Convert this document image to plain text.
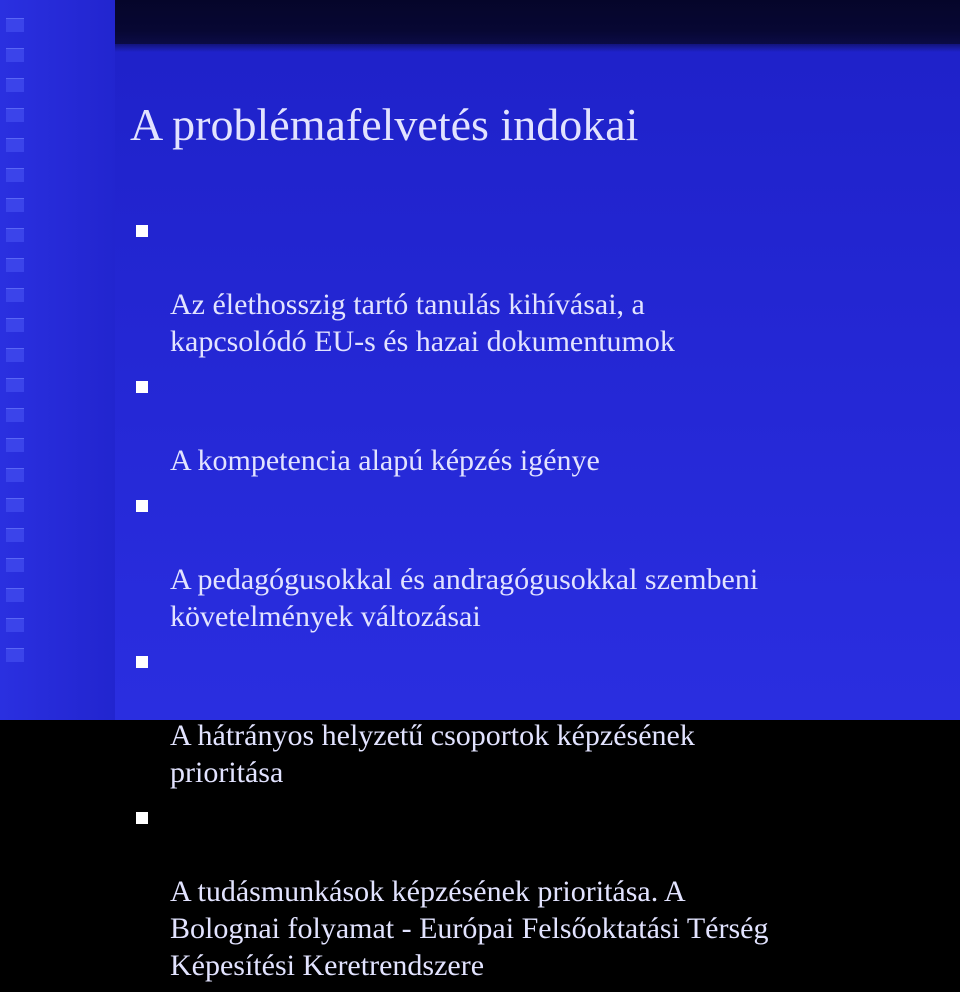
A problémafelvetés indokai

Az élethosszig tartó tanulás kihívásai, a
kapcsolódó EU-s és hazai dokumentumok

A kompetencia alapú képzés igénye

A pedagógusokkal és andragógusokkal szembeni
követelmények változásai

A hátrányos helyzetű csoportok képzésének
prioritása

A tudásmunkások képzésének prioritása. A
Bolognai folyamat - Európai Felsőoktatási Térség
Képesítési Keretrendszere
